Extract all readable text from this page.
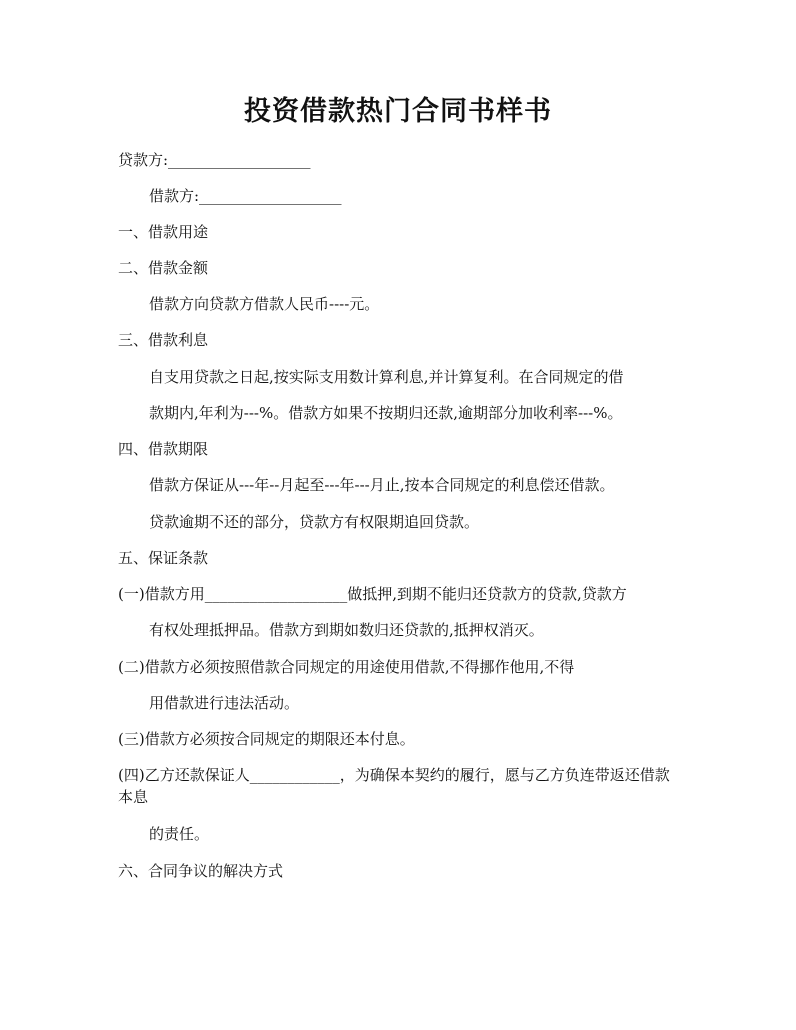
投资借款热门合同书样书
贷款方:___________________
借款方:___________________
一、借款用途
二、借款金额
借款方向贷款方借款人民币----元。
三、借款利息
自支用贷款之日起,按实际支用数计算利息,并计算复利。在合同规定的借
款期内,年利为---%。借款方如果不按期归还款,逾期部分加收利率---%。
四、借款期限
借款方保证从---年--月起至---年---月止,按本合同规定的利息偿还借款。
贷款逾期不还的部分，贷款方有权限期追回贷款。
五、保证条款
(一)借款方用___________________做抵押,到期不能归还贷款方的贷款,贷款方
有权处理抵押品。借款方到期如数归还贷款的,抵押权消灭。
(二)借款方必须按照借款合同规定的用途使用借款,不得挪作他用,不得
用借款进行违法活动。
(三)借款方必须按合同规定的期限还本付息。
(四)乙方还款保证人____________，为确保本契约的履行，愿与乙方负连带返还借款本息
的责任。
六、合同争议的解决方式
